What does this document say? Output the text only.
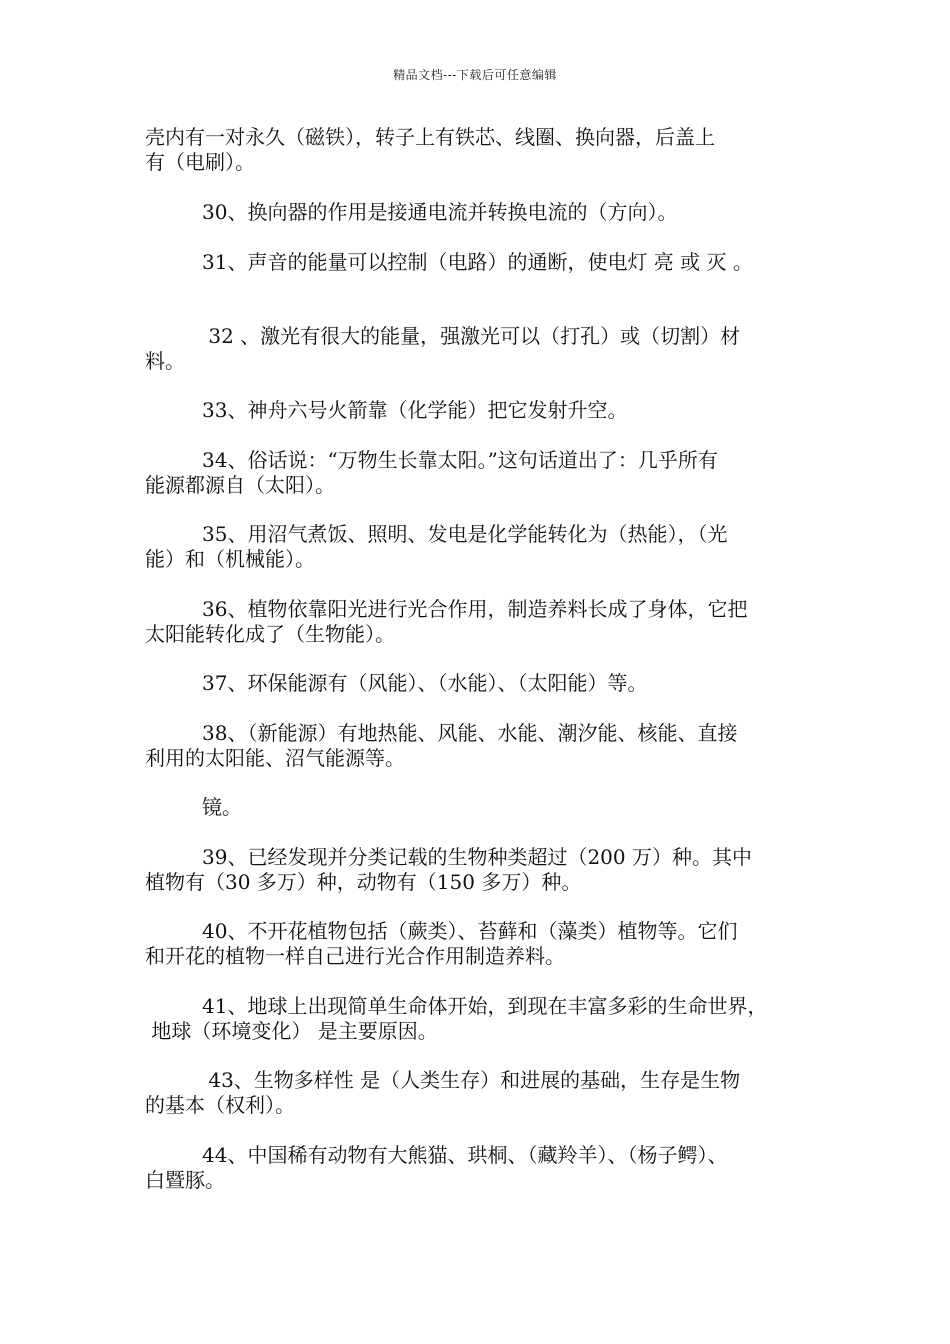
精品文档---下载后可任意编辑

壳内有一对永久（磁铁），转子上有铁芯、线圈、换向器，后盖上
有（电刷）。

30、换向器的作用是接通电流并转换电流的（方向）。

31、声音的能量可以控制（电路）的通断，使电灯 亮 或 灭 。

32 、激光有很大的能量，强激光可以（打孔）或（切割）材
料。

33、神舟六号火箭靠（化学能）把它发射升空。

34、俗话说：“万物生长靠太阳。”这句话道出了：几乎所有
能源都源自（太阳）。

35、用沼气煮饭、照明、发电是化学能转化为（热能），（光
能）和（机械能）。

36、植物依靠阳光进行光合作用，制造养料长成了身体，它把
太阳能转化成了（生物能）。

37、环保能源有（风能）、（水能）、（太阳能）等。

38、（新能源）有地热能、风能、水能、潮汐能、核能、直接
利用的太阳能、沼气能源等。

镜。

39、已经发现并分类记载的生物种类超过（200 万）种。其中
植物有（30 多万）种，动物有（150 多万）种。

40、不开花植物包括（蕨类）、苔藓和（藻类）植物等。它们
和开花的植物一样自己进行光合作用制造养料。

41、地球上出现简单生命体开始，到现在丰富多彩的生命世界，
地球（环境变化） 是主要原因。

43、生物多样性 是（人类生存）和进展的基础，生存是生物
的基本（权利）。

44、中国稀有动物有大熊猫、珙桐、（藏羚羊）、（杨子鳄）、
白暨豚。
